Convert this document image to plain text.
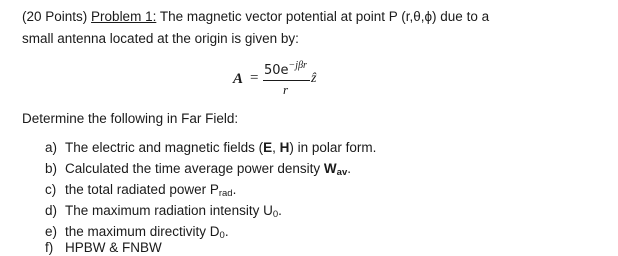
(20 Points) Problem 1: The magnetic vector potential at point P (r,θ,ϕ) due to a
small antenna located at the origin is given by:
$A = 50e^{-j\beta r}$
r
ẑ
Determine the following in Far Field:
a) The electric and magnetic fields (E, H) in polar form.
b) Calculated the time average power density $W_{av}$.
c) the total radiated power $P_{rad}$.
d) The maximum radiation intensity $U_0$.
e) the maximum directivity $D_0$.
f) HPBW & FNBW
